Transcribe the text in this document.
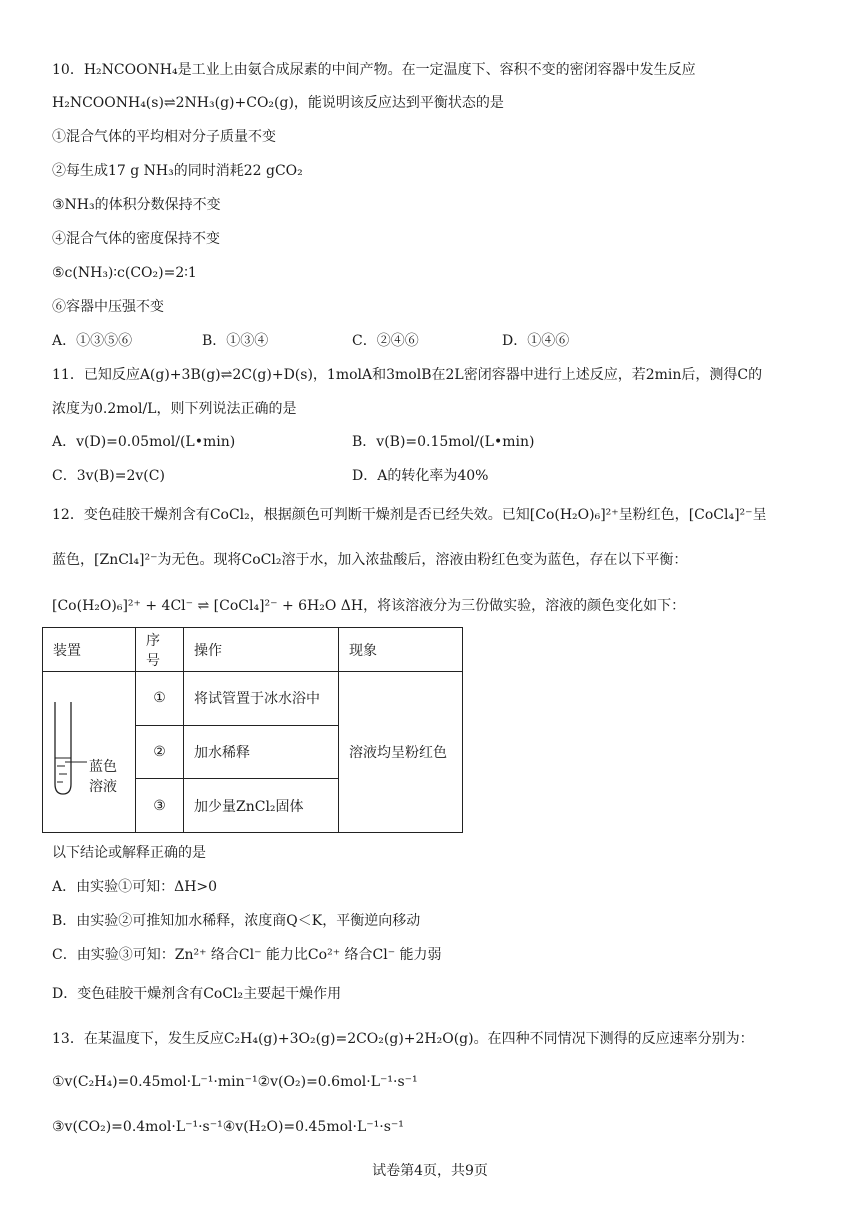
10．H₂NCOONH₄是工业上由氨合成尿素的中间产物。在一定温度下、容积不变的密闭容器中发生反应
H₂NCOONH₄(s)⇌2NH₃(g)+CO₂(g)，能说明该反应达到平衡状态的是
①混合气体的平均相对分子质量不变
②每生成17 g NH₃的同时消耗22 gCO₂
③NH₃的体积分数保持不变
④混合气体的密度保持不变
⑤c(NH₃)∶c(CO₂)=2∶1
⑥容器中压强不变
A．①③⑤⑥	B．①③④	C．②④⑥	D．①④⑥
11．已知反应A(g)+3B(g)⇌2C(g)+D(s)，1molA和3molB在2L密闭容器中进行上述反应，若2min后，测得C的
浓度为0.2mol/L，则下列说法正确的是
A．v(D)=0.05mol/(L•min)	B．v(B)=0.15mol/(L•min)
C．3v(B)=2v(C)	D．A的转化率为40%
12．变色硅胶干燥剂含有CoCl₂，根据颜色可判断干燥剂是否已经失效。已知[Co(H₂O)₆]²⁺呈粉红色，[CoCl₄]²⁻呈
蓝色，[ZnCl₄]²⁻为无色。现将CoCl₂溶于水，加入浓盐酸后，溶液由粉红色变为蓝色，存在以下平衡：
[Co(H₂O)₆]²⁺ + 4Cl⁻ ⇌ [CoCl₄]²⁻ + 6H₂O ΔH，将该溶液分为三份做实验，溶液的颜色变化如下：
装置	序号	操作	现象

蓝色
溶液	①	将试管置于冰水浴中	溶液均呈粉红色
	②	加水稀释	
	③	加少量ZnCl₂固体	
以下结论或解释正确的是
A．由实验①可知：ΔH>0
B．由实验②可推知加水稀释，浓度商Q＜K，平衡逆向移动
C．由实验③可知：Zn²⁺ 络合Cl⁻ 能力比Co²⁺ 络合Cl⁻ 能力弱
D．变色硅胶干燥剂含有CoCl₂主要起干燥作用
13．在某温度下，发生反应C₂H₄(g)+3O₂(g)=2CO₂(g)+2H₂O(g)。在四种不同情况下测得的反应速率分别为：
①v(C₂H₄)=0.45mol·L⁻¹·min⁻¹②v(O₂)=0.6mol·L⁻¹·s⁻¹
③v(CO₂)=0.4mol·L⁻¹·s⁻¹④v(H₂O)=0.45mol·L⁻¹·s⁻¹
试卷第4页，共9页
